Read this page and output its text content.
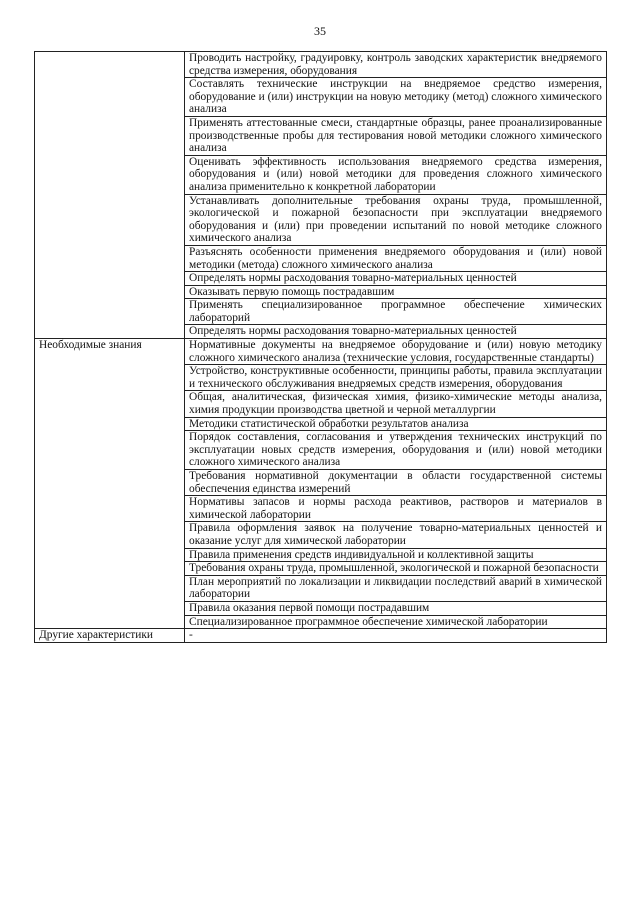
35
	Проводить настройку, градуировку, контроль заводских характеристик внедряемого средства измерения, оборудования
	Составлять технические инструкции на внедряемое средство измерения, оборудование и (или) инструкции на новую методику (метод) сложного химического анализа
	Применять аттестованные смеси, стандартные образцы, ранее проанализированные производственные пробы для тестирования новой методики сложного химического анализа
	Оценивать эффективность использования внедряемого средства измерения, оборудования и (или) новой методики для проведения сложного химического анализа применительно к конкретной лаборатории
	Устанавливать дополнительные требования охраны труда, промышленной, экологической и пожарной безопасности при эксплуатации внедряемого оборудования и (или) при проведении испытаний по новой методике сложного химического анализа
	Разъяснять особенности применения внедряемого оборудования и (или) новой методики (метода) сложного химического анализа
	Определять нормы расходования товарно-материальных ценностей
	Оказывать первую помощь пострадавшим
	Применять специализированное программное обеспечение химических лабораторий
	Определять нормы расходования товарно-материальных ценностей
Необходимые знания	Нормативные документы на внедряемое оборудование и (или) новую методику сложного химического анализа (технические условия, государственные стандарты)
	Устройство, конструктивные особенности, принципы работы, правила эксплуатации и технического обслуживания внедряемых средств измерения, оборудования
	Общая, аналитическая, физическая химия, физико-химические методы анализа, химия продукции производства цветной и черной металлургии
	Методики статистической обработки результатов анализа
	Порядок составления, согласования и утверждения технических инструкций по эксплуатации новых средств измерения, оборудования и (или) новой методики сложного химического анализа
	Требования нормативной документации в области государственной системы обеспечения единства измерений
	Нормативы запасов и нормы расхода реактивов, растворов и материалов в химической лаборатории
	Правила оформления заявок на получение товарно-материальных ценностей и оказание услуг для химической лаборатории
	Правила применения средств индивидуальной и коллективной защиты
	Требования охраны труда, промышленной, экологической и пожарной безопасности
	План мероприятий по локализации и ликвидации последствий аварий в химической лаборатории
	Правила оказания первой помощи пострадавшим
	Специализированное программное обеспечение химической лаборатории
Другие характеристики	-
